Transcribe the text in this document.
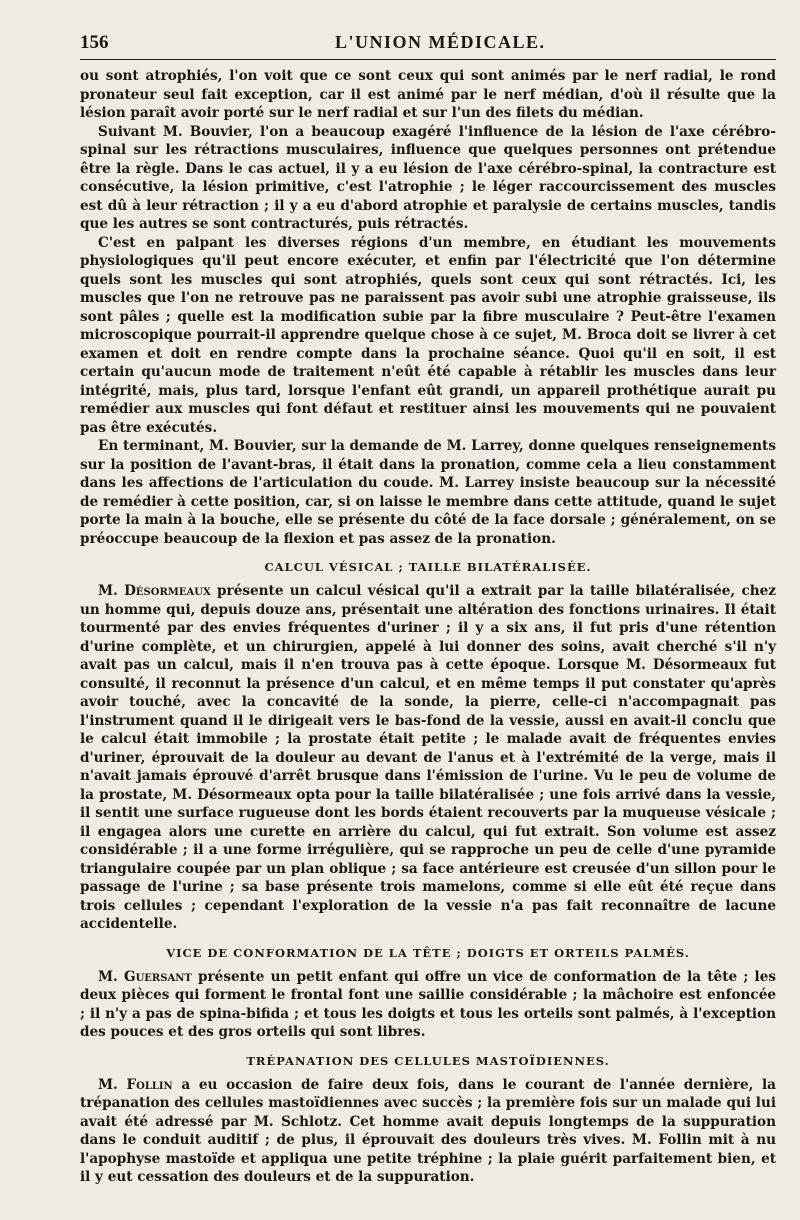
156	L'UNION MÉDICALE.

ou sont atrophiés, l'on voit que ce sont ceux qui sont animés par le nerf radial, le rond pronateur seul fait exception, car il est animé par le nerf médian, d'où il résulte que la lésion paraît avoir porté sur le nerf radial et sur l'un des filets du médian.

Suivant M. Bouvier, l'on a beaucoup exagéré l'influence de la lésion de l'axe cérébro-spinal sur les rétractions musculaires, influence que quelques personnes ont prétendue être la règle. Dans le cas actuel, il y a eu lésion de l'axe cérébro-spinal, la contracture est consécutive, la lésion primitive, c'est l'atrophie ; le léger raccourcissement des muscles est dû à leur rétraction ; il y a eu d'abord atrophie et paralysie de certains muscles, tandis que les autres se sont contracturés, puis rétractés.

C'est en palpant les diverses régions d'un membre, en étudiant les mouvements physiologiques qu'il peut encore exécuter, et enfin par l'électricité que l'on détermine quels sont les muscles qui sont atrophiés, quels sont ceux qui sont rétractés. Ici, les muscles que l'on ne retrouve pas ne paraissent pas avoir subi une atrophie graisseuse, ils sont pâles ; quelle est la modification subie par la fibre musculaire ? Peut-être l'examen microscopique pourrait-il apprendre quelque chose à ce sujet, M. Broca doit se livrer à cet examen et doit en rendre compte dans la prochaine séance. Quoi qu'il en soit, il est certain qu'aucun mode de traitement n'eût été capable à rétablir les muscles dans leur intégrité, mais, plus tard, lorsque l'enfant eût grandi, un appareil prothétique aurait pu remédier aux muscles qui font défaut et restituer ainsi les mouvements qui ne pouvaient pas être exécutés.

En terminant, M. Bouvier, sur la demande de M. Larrey, donne quelques renseignements sur la position de l'avant-bras, il était dans la pronation, comme cela a lieu constamment dans les affections de l'articulation du coude. M. Larrey insiste beaucoup sur la nécessité de remédier à cette position, car, si on laisse le membre dans cette attitude, quand le sujet porte la main à la bouche, elle se présente du côté de la face dorsale ; généralement, on se préoccupe beaucoup de la flexion et pas assez de la pronation.

CALCUL VÉSICAL ; TAILLE BILATÉRALISÉE.

M. Désormeaux présente un calcul vésical qu'il a extrait par la taille bilatéralisée, chez un homme qui, depuis douze ans, présentait une altération des fonctions urinaires. Il était tourmenté par des envies fréquentes d'uriner ; il y a six ans, il fut pris d'une rétention d'urine complète, et un chirurgien, appelé à lui donner des soins, avait cherché s'il n'y avait pas un calcul, mais il n'en trouva pas à cette époque. Lorsque M. Désormeaux fut consulté, il reconnut la présence d'un calcul, et en même temps il put constater qu'après avoir touché, avec la concavité de la sonde, la pierre, celle-ci n'accompagnait pas l'instrument quand il le dirigeait vers le bas-fond de la vessie, aussi en avait-il conclu que le calcul était immobile ; la prostate était petite ; le malade avait de fréquentes envies d'uriner, éprouvait de la douleur au devant de l'anus et à l'extrémité de la verge, mais il n'avait jamais éprouvé d'arrêt brusque dans l'émission de l'urine. Vu le peu de volume de la prostate, M. Désormeaux opta pour la taille bilatéralisée ; une fois arrivé dans la vessie, il sentit une surface rugueuse dont les bords étaient recouverts par la muqueuse vésicale ; il engagea alors une curette en arrière du calcul, qui fut extrait. Son volume est assez considérable ; il a une forme irrégulière, qui se rapproche un peu de celle d'une pyramide triangulaire coupée par un plan oblique ; sa face antérieure est creusée d'un sillon pour le passage de l'urine ; sa base présente trois mamelons, comme si elle eût été reçue dans trois cellules ; cependant l'exploration de la vessie n'a pas fait reconnaître de lacune accidentelle.

VICE DE CONFORMATION DE LA TÊTE ; DOIGTS ET ORTEILS PALMÉS.

M. Guersant présente un petit enfant qui offre un vice de conformation de la tête ; les deux pièces qui forment le frontal font une saillie considérable ; la mâchoire est enfoncée ; il n'y a pas de spina-bifida ; et tous les doigts et tous les orteils sont palmés, à l'exception des pouces et des gros orteils qui sont libres.

TRÉPANATION DES CELLULES MASTOÏDIENNES.

M. Follin a eu occasion de faire deux fois, dans le courant de l'année dernière, la trépanation des cellules mastoïdiennes avec succès ; la première fois sur un malade qui lui avait été adressé par M. Schlotz. Cet homme avait depuis longtemps de la suppuration dans le conduit auditif ; de plus, il éprouvait des douleurs très vives. M. Follin mit à nu l'apophyse mastoïde et appliqua une petite tréphine ; la plaie guérit parfaitement bien, et il y eut cessation des douleurs et de la suppuration.
